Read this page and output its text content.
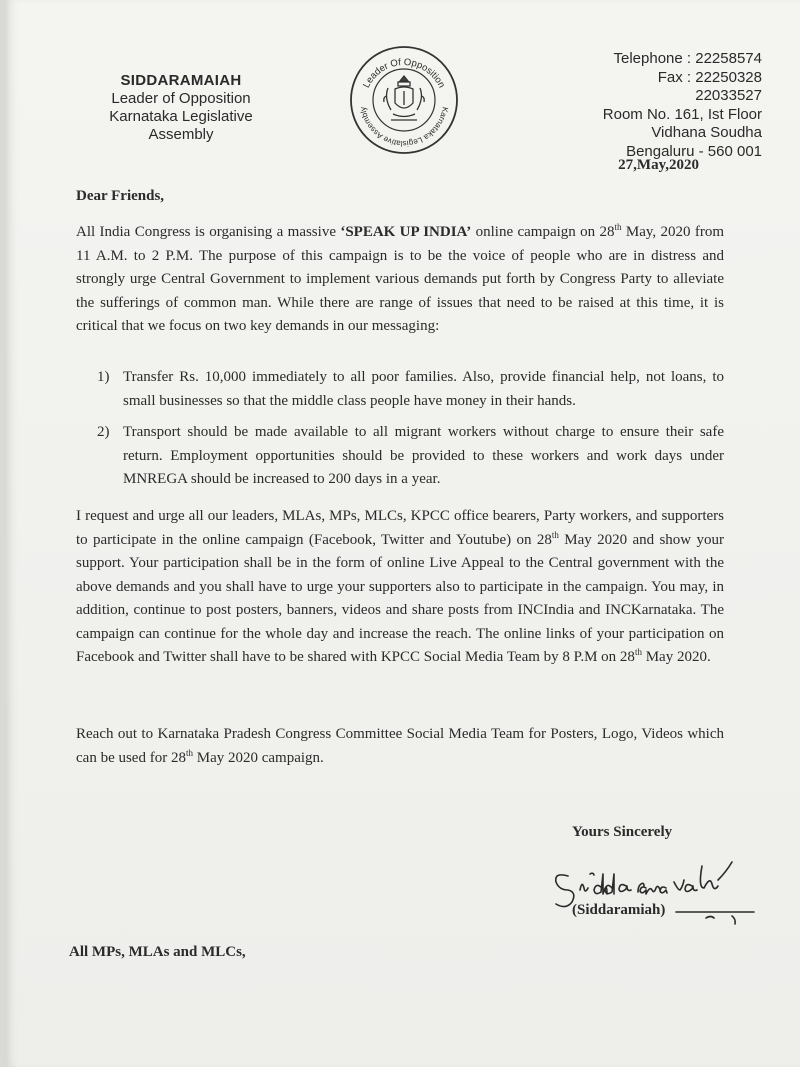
SIDDARAMAIAH
Leader of Opposition
Karnataka Legislative Assembly
Leader Of Opposition
Karnataka Legislative Assembly
Telephone : 22258574
Fax : 22250328
22033527
Room No. 161, Ist Floor
Vidhana Soudha
Bengaluru - 560 001
27,May,2020
Dear Friends,

All India Congress is organising a massive ‘SPEAK UP INDIA’ online campaign on 28th May, 2020 from 11 A.M. to 2 P.M. The purpose of this campaign is to be the voice of people who are in distress and strongly urge Central Government to implement various demands put forth by Congress Party to alleviate the sufferings of common man. While there are range of issues that need to be raised at this time, it is critical that we focus on two key demands in our messaging:

1) Transfer Rs. 10,000 immediately to all poor families. Also, provide financial help, not loans, to small businesses so that the middle class people have money in their hands.
2) Transport should be made available to all migrant workers without charge to ensure their safe return. Employment opportunities should be provided to these workers and work days under MNREGA should be increased to 200 days in a year.

I request and urge all our leaders, MLAs, MPs, MLCs, KPCC office bearers, Party workers, and supporters to participate in the online campaign (Facebook, Twitter and Youtube) on 28th May 2020 and show your support. Your participation shall be in the form of online Live Appeal to the Central government with the above demands and you shall have to urge your supporters also to participate in the campaign. You may, in addition, continue to post posters, banners, videos and share posts from INCIndia and INCKarnataka. The campaign can continue for the whole day and increase the reach. The online links of your participation on Facebook and Twitter shall have to be shared with KPCC Social Media Team by 8 P.M on 28th May 2020.

Reach out to Karnataka Pradesh Congress Committee Social Media Team for Posters, Logo, Videos which can be used for 28th May 2020 campaign.

Yours Sincerely
(Siddaramiah)
All MPs, MLAs and MLCs,
